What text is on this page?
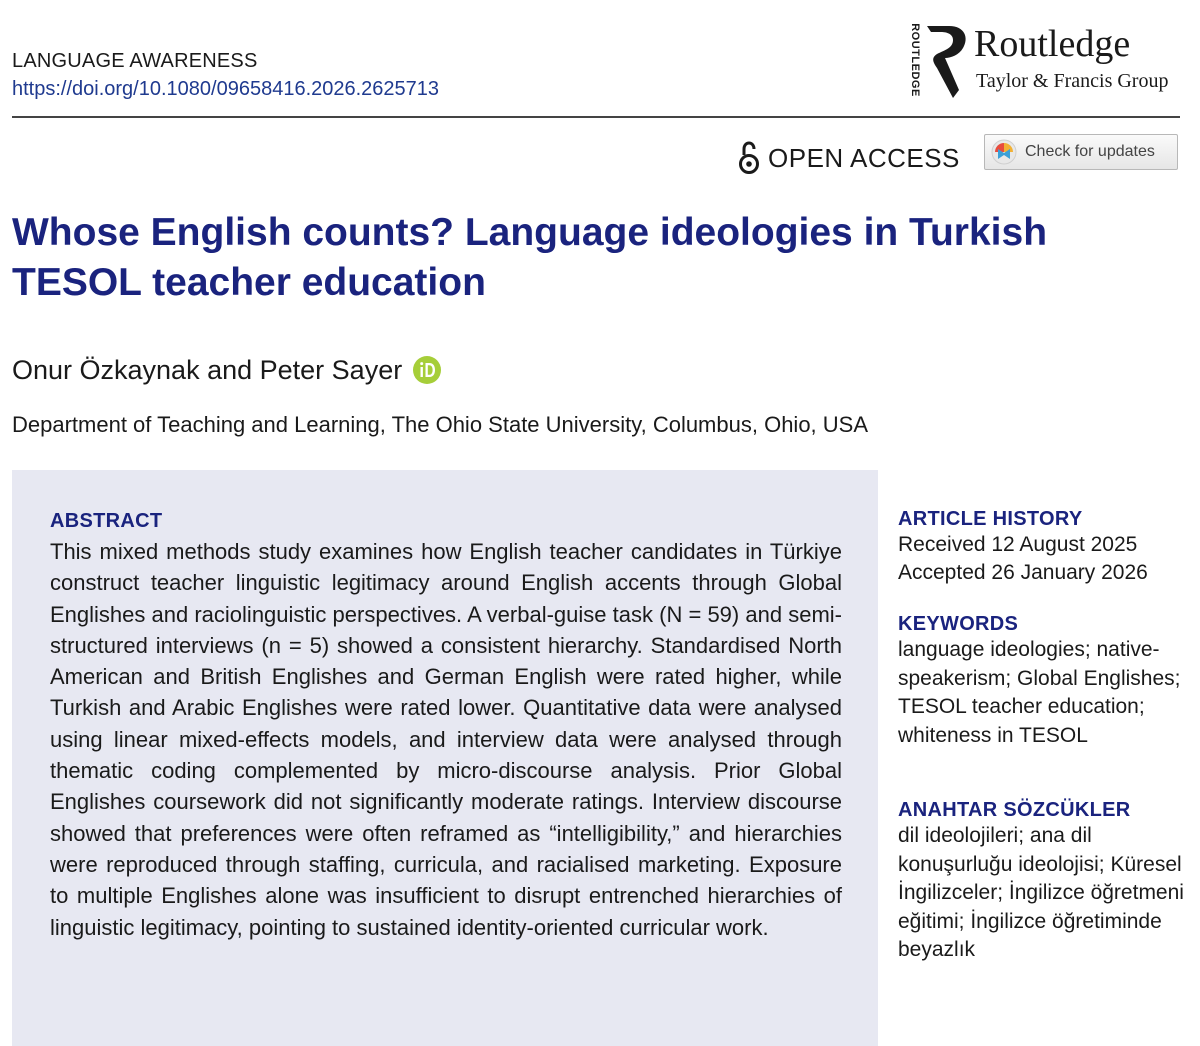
LANGUAGE AWARENESS
https://doi.org/10.1080/09658416.2026.2625713	ROUTLEDGE Routledge
Taylor & Francis Group
OPEN ACCESS	Check for updates
Whose English counts? Language ideologies in Turkish TESOL teacher education
Onur Özkaynak and Peter Sayer
Department of Teaching and Learning, The Ohio State University, Columbus, Ohio, USA
ABSTRACT

This mixed methods study examines how English teacher candidates in Türkiye construct teacher linguistic legitimacy around English accents through Global Englishes and raciolinguistic perspectives. A verbal-guise task (N = 59) and semi-structured interviews (n = 5) showed a consistent hierarchy. Standardised North American and British Englishes and German English were rated higher, while Turkish and Arabic Englishes were rated lower. Quantitative data were analysed using linear mixed-effects models, and interview data were analysed through thematic coding complemented by micro-discourse analysis. Prior Global Englishes coursework did not significantly moderate ratings. Interview discourse showed that preferences were often reframed as “intelligibility,” and hierarchies were reproduced through staffing, curricula, and racialised marketing. Exposure to multiple Englishes alone was insufficient to disrupt entrenched hierarchies of linguistic legitimacy, pointing to sustained identity-oriented curricular work.

ARTICLE HISTORY
Received 12 August 2025
Accepted 26 January 2026
KEYWORDS

language ideologies; native-speakerism; Global Englishes; TESOL teacher education; whiteness in TESOL

ANAHTAR SÖZCÜKLER

dil ideolojileri; ana dil konuşurluğu ideolojisi; Küresel İngilizceler; İngilizce öğretmeni eğitimi; İngilizce öğretiminde beyazlık
